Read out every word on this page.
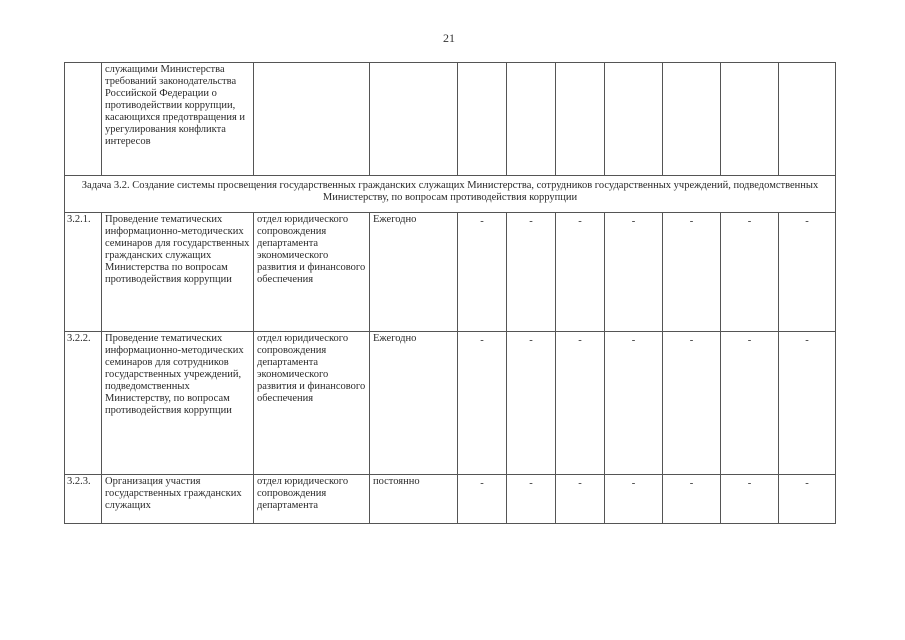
21
	служащими Министерства требований законодательства Российской Федерации о противодействии коррупции, касающихся предотвращения и урегулирования конфликта интересов									
Задача 3.2. Создание системы просвещения государственных гражданских служащих Министерства, сотрудников государственных учреждений, подведомственных Министерству, по вопросам противодействия коррупции										
3.2.1.	Проведение тематических информационно-методических семинаров для государственных гражданских служащих Министерства по вопросам противодействия коррупции	отдел юридического сопровождения департамента экономического развития и финансового обеспечения	Ежегодно	-	-	-	-	-	-	-
3.2.2.	Проведение тематических информационно-методических семинаров для сотрудников государственных учреждений, подведомственных Министерству, по вопросам противодействия коррупции	отдел юридического сопровождения департамента экономического развития и финансового обеспечения	Ежегодно	-	-	-	-	-	-	-
3.2.3.	Организация участия государственных гражданских служащих	отдел юридического сопровождения департамента	постоянно	-	-	-	-	-	-	-
